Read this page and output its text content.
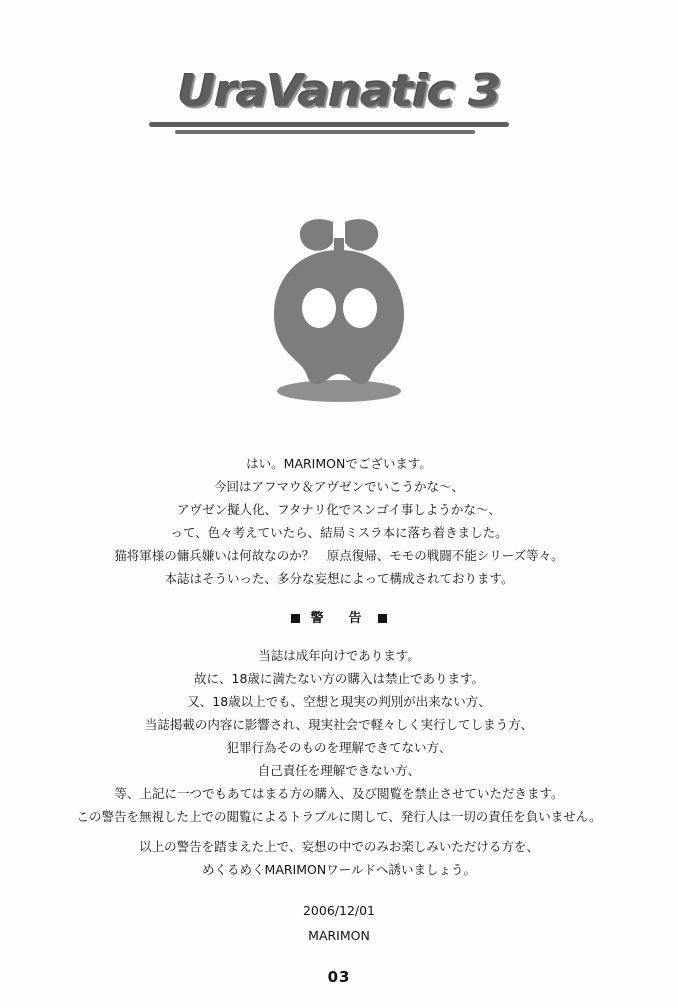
UraVanatic 3
はい。MARIMONでございます。
今回はアフマウ＆アヴゼンでいこうかな〜、
アヴゼン擬人化、フタナリ化でスンゴイ事しようかな〜、
って、色々考えていたら、結局ミスラ本に落ち着きました。
猫将軍様の傭兵嫌いは何故なのか？　原点復帰、モモの戦闘不能シリーズ等々。
本誌はそういった、多分な妄想によって構成されております。
警　告
当誌は成年向けであります。
故に、18歳に満たない方の購入は禁止であります。
又、18歳以上でも、空想と現実の判別が出来ない方、
当誌掲載の内容に影響され、現実社会で軽々しく実行してしまう方、
犯罪行為そのものを理解できてない方、
自己責任を理解できない方、
等、上記に一つでもあてはまる方の購入、及び閲覧を禁止させていただきます。
この警告を無視した上での閲覧によるトラブルに関して、発行人は一切の責任を負いません。
以上の警告を踏まえた上で、妄想の中でのみお楽しみいただける方を、
めくるめくMARIMONワールドへ誘いましょう。
2006/12/01
MARIMON
03
